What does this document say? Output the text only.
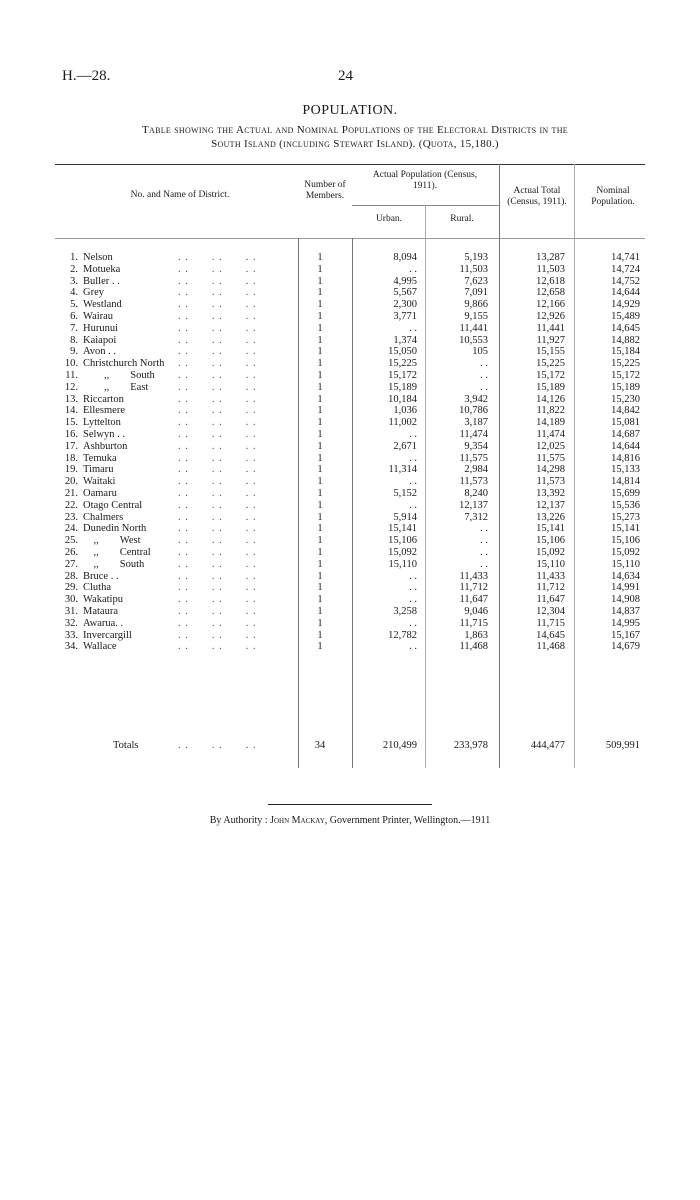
H.—28.	24
POPULATION.
Table showing the Actual and Nominal Populations of the Electoral Districts in the
South Island (including Stewart Island). (Quota, 15,180.)
No. and Name of District.
Number of Members.
Actual Population (Census, 1911).
Urban.	Rural.
Actual Total (Census, 1911).
Nominal Population.
1. Nelson	. .  . .  . .	1	8,094	5,193	13,287	14,741
2. Motueka	. .  . .  . .	1	. .	11,503	11,503	14,724
3. Buller . .	. .  . .  . .	1	4,995	7,623	12,618	14,752
4. Grey	. .  . .  . .	1	5,567	7,091	12,658	14,644
5. Westland	. .  . .  . .	1	2,300	9,866	12,166	14,929
6. Wairau	. .  . .  . .	1	3,771	9,155	12,926	15,489
7. Hurunui	. .  . .  . .	1	. .	11,441	11,441	14,645
8. Kaiapoi	. .  . .  . .	1	1,374	10,553	11,927	14,882
9. Avon . .	. .  . .  . .	1	15,050	105	15,155	15,184
10. Christchurch North . .  . .  . .	1	15,225	. .	15,225	15,225
11.   ,,  South . .  . .  . .	1	15,172	. .	15,172	15,172
12.   ,,  East	. .  . .  . .	1	15,189	. .	15,189	15,189
13. Riccarton	. .  . .  . .	1	10,184	3,942	14,126	15,230
14. Ellesmere	. .  . .  . .	1	1,036	10,786	11,822	14,842
15. Lyttelton	. .  . .  . .	1	11,002	3,187	14,189	15,081
16. Selwyn . .	. .  . .  . .	1	. .	11,474	11,474	14,687
17. Ashburton	. .  . .  . .	1	2,671	9,354	12,025	14,644
18. Temuka	. .  . .  . .	1	. .	11,575	11,575	14,816
19. Timaru	. .  . .  . .	1	11,314	2,984	14,298	15,133
20. Waitaki	. .  . .  . .	1	. .	11,573	11,573	14,814
21. Oamaru	. .  . .  . .	1	5,152	8,240	13,392	15,699
22. Otago Central	. .  . .  . .	1	. .	12,137	12,137	15,536
23. Chalmers	. .  . .  . .	1	5,914	7,312	13,226	15,273
24. Dunedin North	. .  . .  . .	1	15,141	. .	15,141	15,141
25.  ,,  West	. .  . .  . .	1	15,106	. .	15,106	15,106
26.  ,,  Central	. .  . .  . .	1	15,092	. .	15,092	15,092
27.  ,,  South	. .  . .  . .	1	15,110	. .	15,110	15,110
28. Bruce . .	. .  . .  . .	1	. .	11,433	11,433	14,634
29. Clutha	. .  . .  . .	1	. .	11,712	11,712	14,991
30. Wakatipu	. .  . .  . .	1	. .	11,647	11,647	14,908
31. Mataura	. .  . .  . .	1	3,258	9,046	12,304	14,837
32. Awarua. .	. .  . .  . .	1	. .	11,715	11,715	14,995
33. Invercargill	. .  . .  . .	1	12,782	1,863	14,645	15,167
34. Wallace	. .  . .  . .	1	. .	11,468	11,468	14,679
Totals	. .  . .  . .	34	210,499	233,978	444,477	509,991
By Authority : John Mackay, Government Printer, Wellington.—1911
